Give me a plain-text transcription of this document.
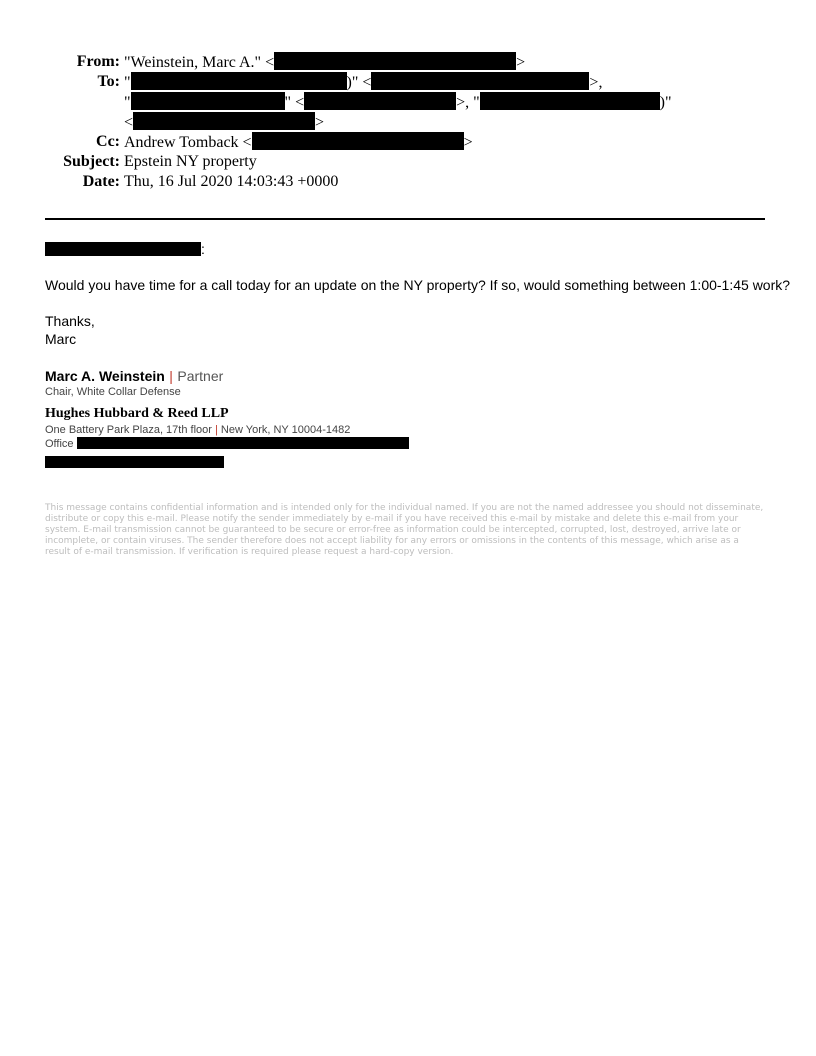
From: "Weinstein, Marc A." <	>
To: "	)" <	>,
"	" <	>, "	)"
<	>
Cc: Andrew Tomback <	>
Subject: Epstein NY property
Date: Thu, 16 Jul 2020 14:03:43 +0000
:
Would you have time for a call today for an update on the NY property? If so, would something between 1:00-1:45 work?
Thanks,
Marc
Marc A. Weinstein | Partner
Chair, White Collar Defense
Hughes Hubbard & Reed LLP
One Battery Park Plaza, 17th floor | New York, NY 10004-1482
Office
This message contains confidential information and is intended only for the individual named. If you are not the named addressee you should not disseminate, distribute or copy this e-mail. Please notify the sender immediately by e-mail if you have received this e-mail by mistake and delete this e-mail from your system. E-mail transmission cannot be guaranteed to be secure or error-free as information could be intercepted, corrupted, lost, destroyed, arrive late or incomplete, or contain viruses. The sender therefore does not accept liability for any errors or omissions in the contents of this message, which arise as a result of e-mail transmission. If verification is required please request a hard-copy version.
